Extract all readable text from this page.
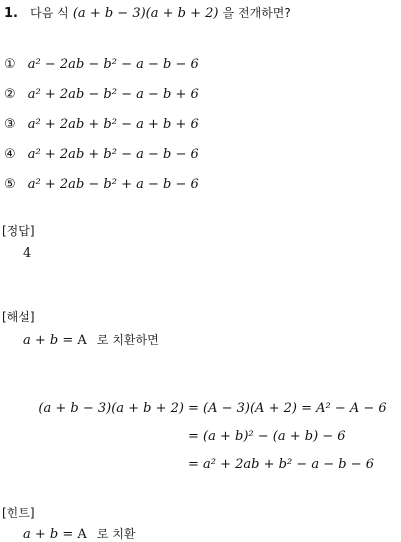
1. 다음 식 (a + b − 3)(a + b + 2) 을 전개하면?
① a² − 2ab − b² − a − b − 6
② a² + 2ab − b² − a − b + 6
③ a² + 2ab + b² − a + b + 6
④ a² + 2ab + b² − a − b − 6
⑤ a² + 2ab − b² + a − b − 6
[정답]
4
[해설]
a + b = A 로 치환하면
(a + b − 3)(a + b + 2) = (A − 3)(A + 2) = A² − A − 6
= (a + b)² − (a + b) − 6
= a² + 2ab + b² − a − b − 6
[힌트]
a + b = A 로 치환
